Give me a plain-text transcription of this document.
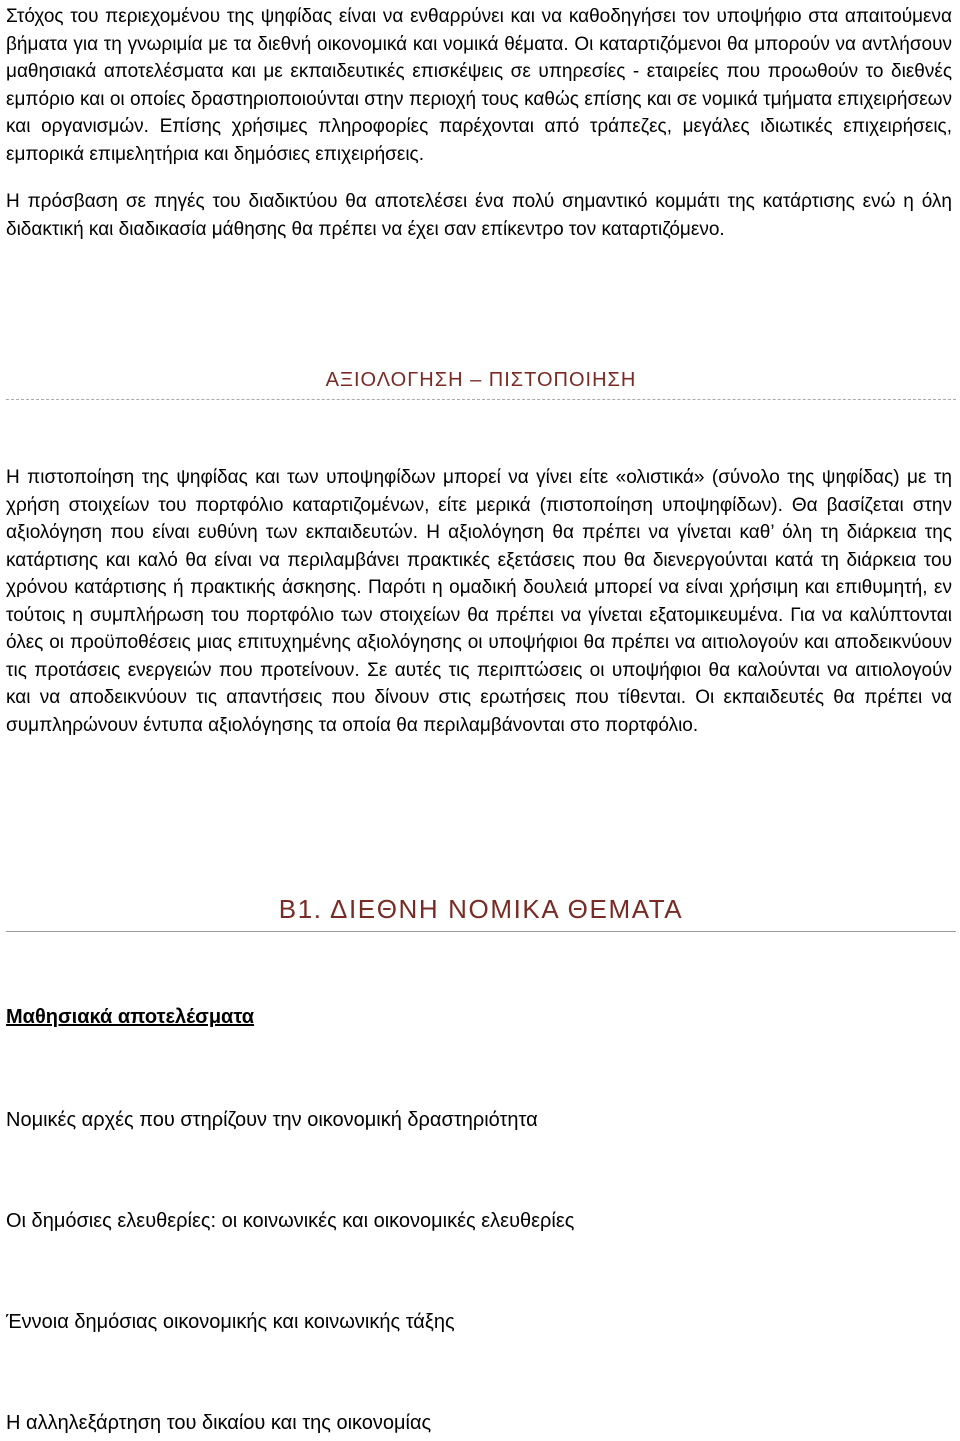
Στόχος του περιεχομένου της ψηφίδας είναι να ενθαρρύνει και να καθοδηγήσει τον υποψήφιο στα απαιτούμενα βήματα για τη γνωριμία με τα διεθνή οικονομικά και νομικά θέματα. Οι καταρτιζόμενοι θα μπορούν να αντλήσουν μαθησιακά αποτελέσματα και με εκπαιδευτικές επισκέψεις σε υπηρεσίες - εταιρείες που προωθούν το διεθνές εμπόριο και οι οποίες δραστηριοποιούνται στην περιοχή τους καθώς επίσης και σε νομικά τμήματα επιχειρήσεων και οργανισμών. Επίσης χρήσιμες πληροφορίες παρέχονται από τράπεζες, μεγάλες ιδιωτικές επιχειρήσεις, εμπορικά επιμελητήρια και δημόσιες επιχειρήσεις.

Η πρόσβαση σε πηγές του διαδικτύου θα αποτελέσει ένα πολύ σημαντικό κομμάτι της κατάρτισης ενώ η όλη διδακτική και διαδικασία μάθησης θα πρέπει να έχει σαν επίκεντρο τον καταρτιζόμενο.

ΑΞΙΟΛΟΓΗΣΗ – ΠΙΣΤΟΠΟΙΗΣΗ

Η πιστοποίηση της ψηφίδας και των υποψηφίδων μπορεί να γίνει είτε «ολιστικά» (σύνολο της ψηφίδας) με τη χρήση στοιχείων του πορτφόλιο καταρτιζομένων, είτε μερικά (πιστοποίηση υποψηφίδων). Θα βασίζεται στην αξιολόγηση που είναι ευθύνη των εκπαιδευτών. Η αξιολόγηση θα πρέπει να γίνεται καθ’ όλη τη διάρκεια της κατάρτισης και καλό θα είναι να περιλαμβάνει πρακτικές εξετάσεις που θα διενεργούνται κατά τη διάρκεια του χρόνου κατάρτισης ή πρακτικής άσκησης. Παρότι η ομαδική δουλειά μπορεί να είναι χρήσιμη και επιθυμητή, εν τούτοις η συμπλήρωση του πορτφόλιο των στοιχείων θα πρέπει να γίνεται εξατομικευμένα. Για να καλύπτονται όλες οι προϋποθέσεις μιας επιτυχημένης αξιολόγησης οι υποψήφιοι θα πρέπει να αιτιολογούν και αποδεικνύουν τις προτάσεις ενεργειών που προτείνουν. Σε αυτές τις περιπτώσεις οι υποψήφιοι θα καλούνται να αιτιολογούν και να αποδεικνύουν τις απαντήσεις που δίνουν στις ερωτήσεις που τίθενται. Οι εκπαιδευτές θα πρέπει να συμπληρώνουν έντυπα αξιολόγησης τα οποία θα περιλαμβάνονται στο πορτφόλιο.

Β1. ΔΙΕΘΝΗ ΝΟΜΙΚΑ ΘΕΜΑΤΑ
Μαθησιακά αποτελέσματα
Νομικές αρχές που στηρίζουν την οικονομική δραστηριότητα
Οι δημόσιες ελευθερίες: οι κοινωνικές και οικονομικές ελευθερίες
Έννοια δημόσιας οικονομικής και κοινωνικής τάξης
Η αλληλεξάρτηση του δικαίου και της οικονομίας
